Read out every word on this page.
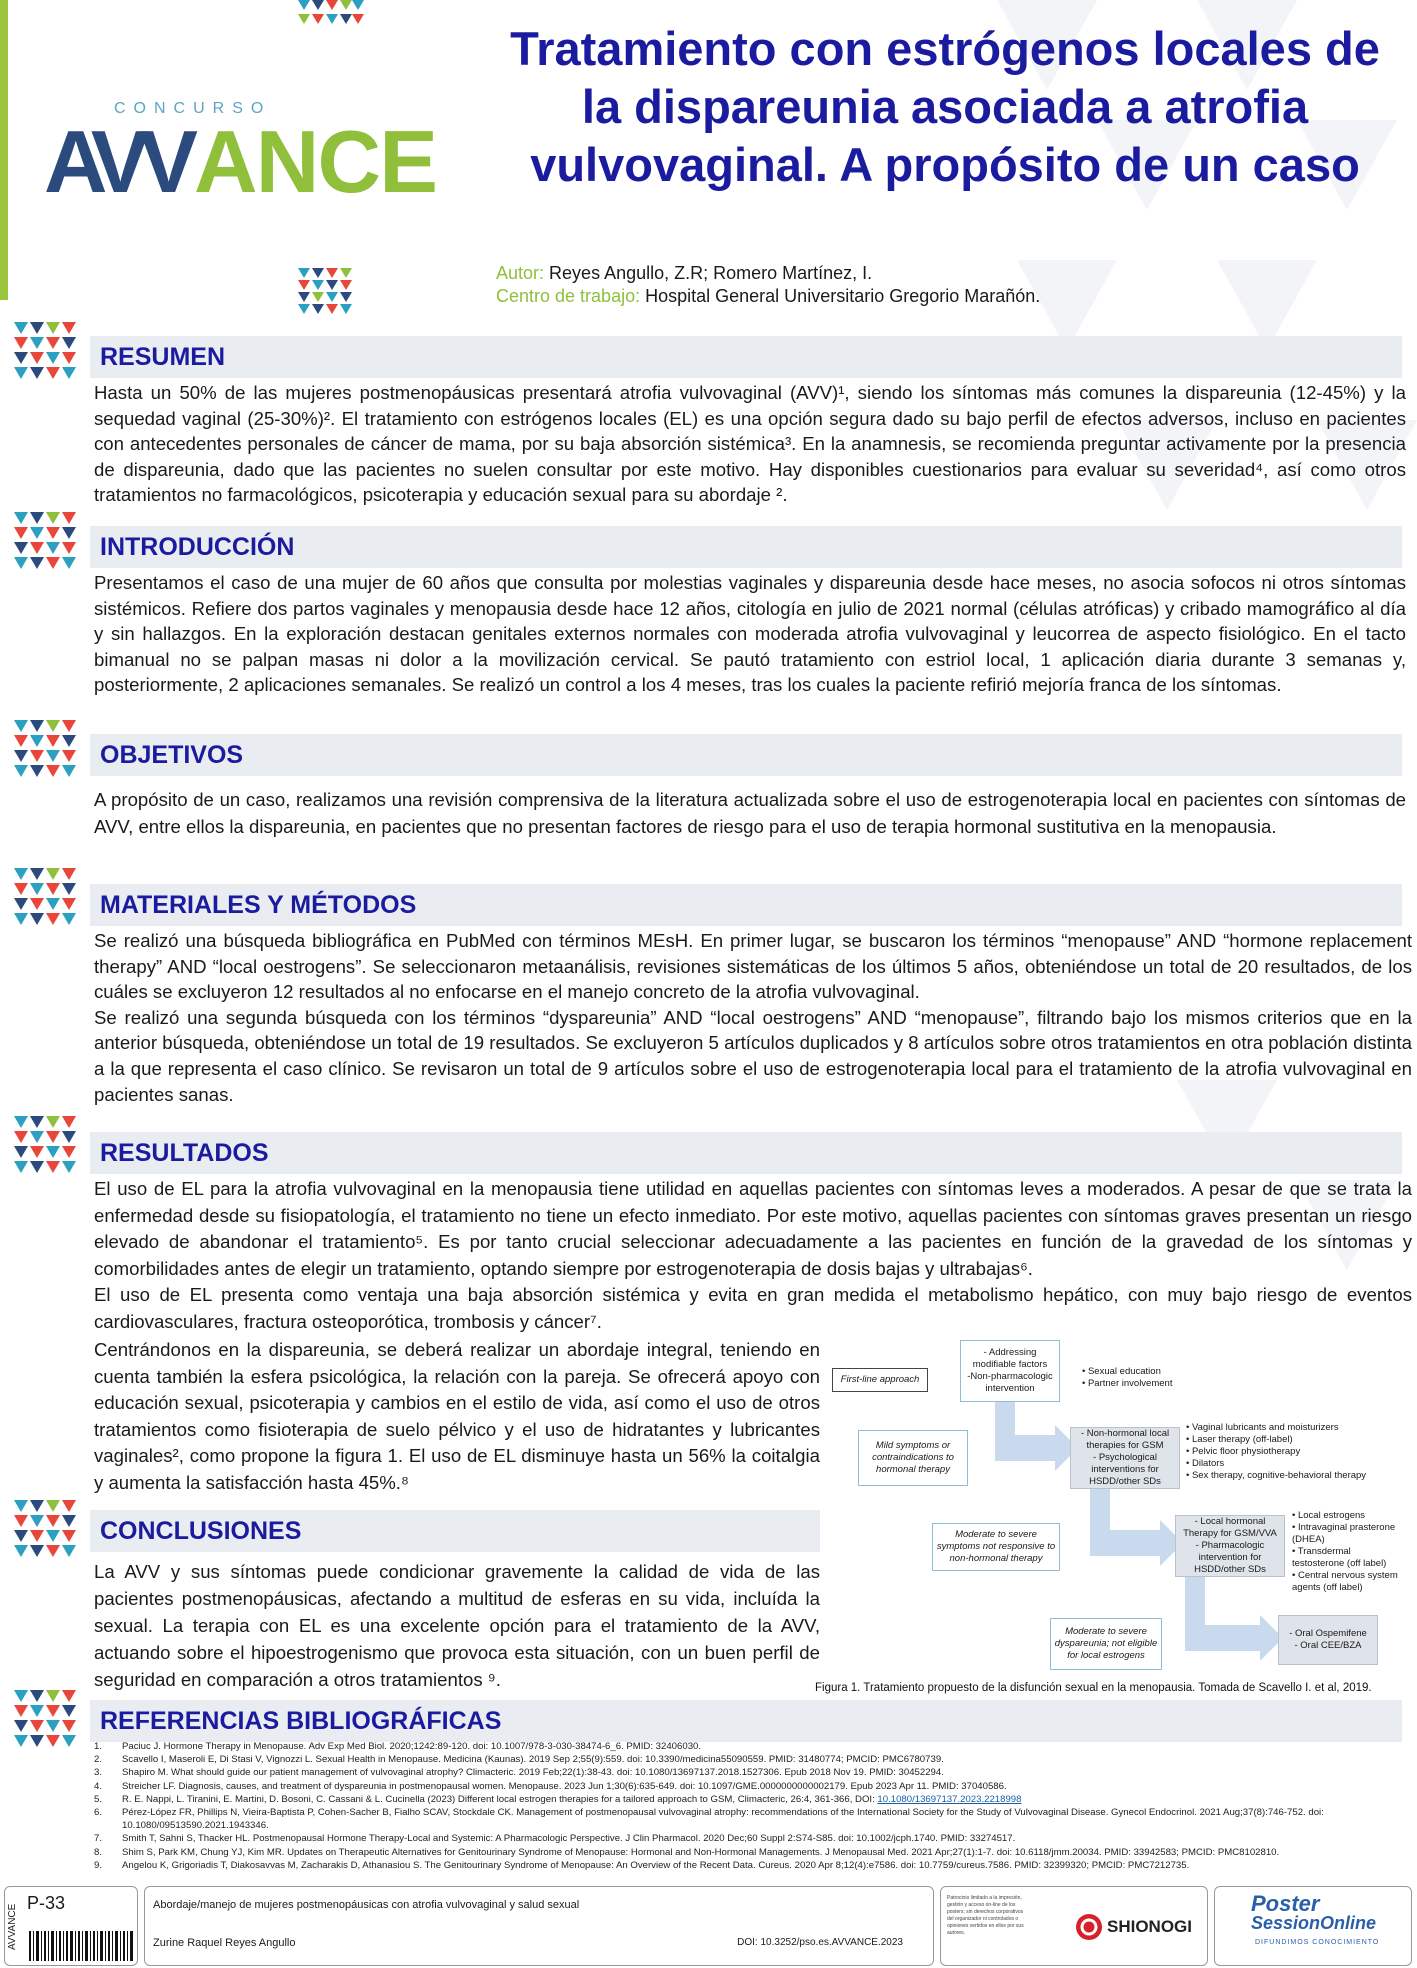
CONCURSO
AVV ANCE
Tratamiento con estrógenos locales de la dispareunia asociada a atrofia vulvovaginal. A propósito de un caso
Autor: Reyes Angullo, Z.R; Romero Martínez, I.
Centro de trabajo: Hospital General Universitario Gregorio Marañón.
RESUMEN

Hasta un 50% de las mujeres postmenopáusicas presentará atrofia vulvovaginal (AVV)¹, siendo los síntomas más comunes la dispareunia (12-45%) y la sequedad vaginal (25-30%)². El tratamiento con estrógenos locales (EL) es una opción segura dado su bajo perfil de efectos adversos, incluso en pacientes con antecedentes personales de cáncer de mama, por su baja absorción sistémica³. En la anamnesis, se recomienda preguntar activamente por la presencia de dispareunia, dado que las pacientes no suelen consultar por este motivo. Hay disponibles cuestionarios para evaluar su severidad⁴, así como otros tratamientos no farmacológicos, psicoterapia y educación sexual para su abordaje ².

INTRODUCCIÓN

Presentamos el caso de una mujer de 60 años que consulta por molestias vaginales y dispareunia desde hace meses, no asocia sofocos ni otros síntomas sistémicos. Refiere dos partos vaginales y menopausia desde hace 12 años, citología en julio de 2021 normal (células atróficas) y cribado mamográfico al día y sin hallazgos. En la exploración destacan genitales externos normales con moderada atrofia vulvovaginal y leucorrea de aspecto fisiológico. En el tacto bimanual no se palpan masas ni dolor a la movilización cervical. Se pautó tratamiento con estriol local, 1 aplicación diaria durante 3 semanas y, posteriormente, 2 aplicaciones semanales. Se realizó un control a los 4 meses, tras los cuales la paciente refirió mejoría franca de los síntomas.

OBJETIVOS

A propósito de un caso, realizamos una revisión comprensiva de la literatura actualizada sobre el uso de estrogenoterapia local en pacientes con síntomas de AVV, entre ellos la dispareunia, en pacientes que no presentan factores de riesgo para el uso de terapia hormonal sustitutiva en la menopausia.

MATERIALES Y MÉTODOS

Se realizó una búsqueda bibliográfica en PubMed con términos MEsH. En primer lugar, se buscaron los términos “menopause” AND “hormone replacement therapy” AND “local oestrogens”. Se seleccionaron metaanálisis, revisiones sistemáticas de los últimos 5 años, obteniéndose un total de 20 resultados, de los cuáles se excluyeron 12 resultados al no enfocarse en el manejo concreto de la atrofia vulvovaginal.

Se realizó una segunda búsqueda con los términos “dyspareunia” AND “local oestrogens” AND “menopause”, filtrando bajo los mismos criterios que en la anterior búsqueda, obteniéndose un total de 19 resultados. Se excluyeron 5 artículos duplicados y 8 artículos sobre otros tratamientos en otra población distinta a la que representa el caso clínico. Se revisaron un total de 9 artículos sobre el uso de estrogenoterapia local para el tratamiento de la atrofia vulvovaginal en pacientes sanas.

RESULTADOS

El uso de EL para la atrofia vulvovaginal en la menopausia tiene utilidad en aquellas pacientes con síntomas leves a moderados. A pesar de que se trata la enfermedad desde su fisiopatología, el tratamiento no tiene un efecto inmediato. Por este motivo, aquellas pacientes con síntomas graves presentan un riesgo elevado de abandonar el tratamiento⁵. Es por tanto crucial seleccionar adecuadamente a las pacientes en función de la gravedad de los síntomas y comorbilidades antes de elegir un tratamiento, optando siempre por estrogenoterapia de dosis bajas y ultrabajas⁶.

El uso de EL presenta como ventaja una baja absorción sistémica y evita en gran medida el metabolismo hepático, con muy bajo riesgo de eventos cardiovasculares, fractura osteoporótica, trombosis y cáncer⁷.

Centrándonos en la dispareunia, se deberá realizar un abordaje integral, teniendo en cuenta también la esfera psicológica, la relación con la pareja. Se ofrecerá apoyo con educación sexual, psicoterapia y cambios en el estilo de vida, así como el uso de otros tratamientos como fisioterapia de suelo pélvico y el uso de hidratantes y lubricantes vaginales², como propone la figura 1. El uso de EL disminuye hasta un 56% la coitalgia y aumenta la satisfacción hasta 45%.⁸

CONCLUSIONES

La AVV y sus síntomas puede condicionar gravemente la calidad de vida de las pacientes postmenopáusicas, afectando a multitud de esferas en su vida, incluída la sexual. La terapia con EL es una excelente opción para el tratamiento de la AVV, actuando sobre el hipoestrogenismo que provoca esta situación, con un buen perfil de seguridad en comparación a otros tratamientos ⁹.

First-line approach
- Addressing modifiable factors
-Non-pharmacologic intervention
• Sexual education
• Partner involvement
Mild symptoms or contraindications to hormonal therapy
- Non-hormonal local therapies for GSM
- Psychological interventions for HSDD/other SDs
• Vaginal lubricants and moisturizers
• Laser therapy (off-label)
• Pelvic floor physiotherapy
• Dilators
• Sex therapy, cognitive-behavioral therapy
Moderate to severe symptoms not responsive to non-hormonal therapy
- Local hormonal Therapy for GSM/VVA
- Pharmacologic intervention for HSDD/other SDs
• Local estrogens
• Intravaginal prasterone (DHEA)
• Transdermal testosterone (off label)
• Central nervous system agents (off label)
Moderate to severe dyspareunia; not eligible for local estrogens
- Oral Ospemifene
- Oral CEE/BZA
Figura 1. Tratamiento propuesto de la disfunción sexual en la menopausia. Tomada de Scavello I. et al, 2019.
REFERENCIAS BIBLIOGRÁFICAS
1.	Paciuc J. Hormone Therapy in Menopause. Adv Exp Med Biol. 2020;1242:89-120. doi: 10.1007/978-3-030-38474-6_6. PMID: 32406030.
2.	Scavello I, Maseroli E, Di Stasi V, Vignozzi L. Sexual Health in Menopause. Medicina (Kaunas). 2019 Sep 2;55(9):559. doi: 10.3390/medicina55090559. PMID: 31480774; PMCID: PMC6780739.
3.	Shapiro M. What should guide our patient management of vulvovaginal atrophy? Climacteric. 2019 Feb;22(1):38-43. doi: 10.1080/13697137.2018.1527306. Epub 2018 Nov 19. PMID: 30452294.
4.	Streicher LF. Diagnosis, causes, and treatment of dyspareunia in postmenopausal women. Menopause. 2023 Jun 1;30(6):635-649. doi: 10.1097/GME.0000000000002179. Epub 2023 Apr 11. PMID: 37040586.
5.	R. E. Nappi, L. Tiranini, E. Martini, D. Bosoni, C. Cassani & L. Cucinella (2023) Different local estrogen therapies for a tailored approach to GSM, Climacteric, 26:4, 361-366, DOI: 10.1080/13697137.2023.2218998
6.	Pérez-López FR, Phillips N, Vieira-Baptista P, Cohen-Sacher B, Fialho SCAV, Stockdale CK. Management of postmenopausal vulvovaginal atrophy: recommendations of the International Society for the Study of Vulvovaginal Disease. Gynecol Endocrinol. 2021 Aug;37(8):746-752. doi: 10.1080/09513590.2021.1943346.
7.	Smith T, Sahni S, Thacker HL. Postmenopausal Hormone Therapy-Local and Systemic: A Pharmacologic Perspective. J Clin Pharmacol. 2020 Dec;60 Suppl 2:S74-S85. doi: 10.1002/jcph.1740. PMID: 33274517.
8.	Shim S, Park KM, Chung YJ, Kim MR. Updates on Therapeutic Alternatives for Genitourinary Syndrome of Menopause: Hormonal and Non-Hormonal Managements. J Menopausal Med. 2021 Apr;27(1):1-7. doi: 10.6118/jmm.20034. PMID: 33942583; PMCID: PMC8102810.
9.	Angelou K, Grigoriadis T, Diakosavvas M, Zacharakis D, Athanasiou S. The Genitourinary Syndrome of Menopause: An Overview of the Recent Data. Cureus. 2020 Apr 8;12(4):e7586. doi: 10.7759/cureus.7586. PMID: 32399320; PMCID: PMC7212735.
AVVANCE
P-33	Abordaje/manejo de mujeres postmenopáusicas con atrofia vulvovaginal y salud sexual
Zurine Raquel Reyes Angullo	DOI: 10.3252/pso.es.AVVANCE.2023
Patrocinio limitado a la impresión, gestión y acceso on-line de los posters; sin derechos corporativos del organizador ni controlados o opiniones vertidos en ellos por sus autores.	SHIONOGI
Poster
SessionOnline
DIFUNDIMOS CONOCIMIENTO
